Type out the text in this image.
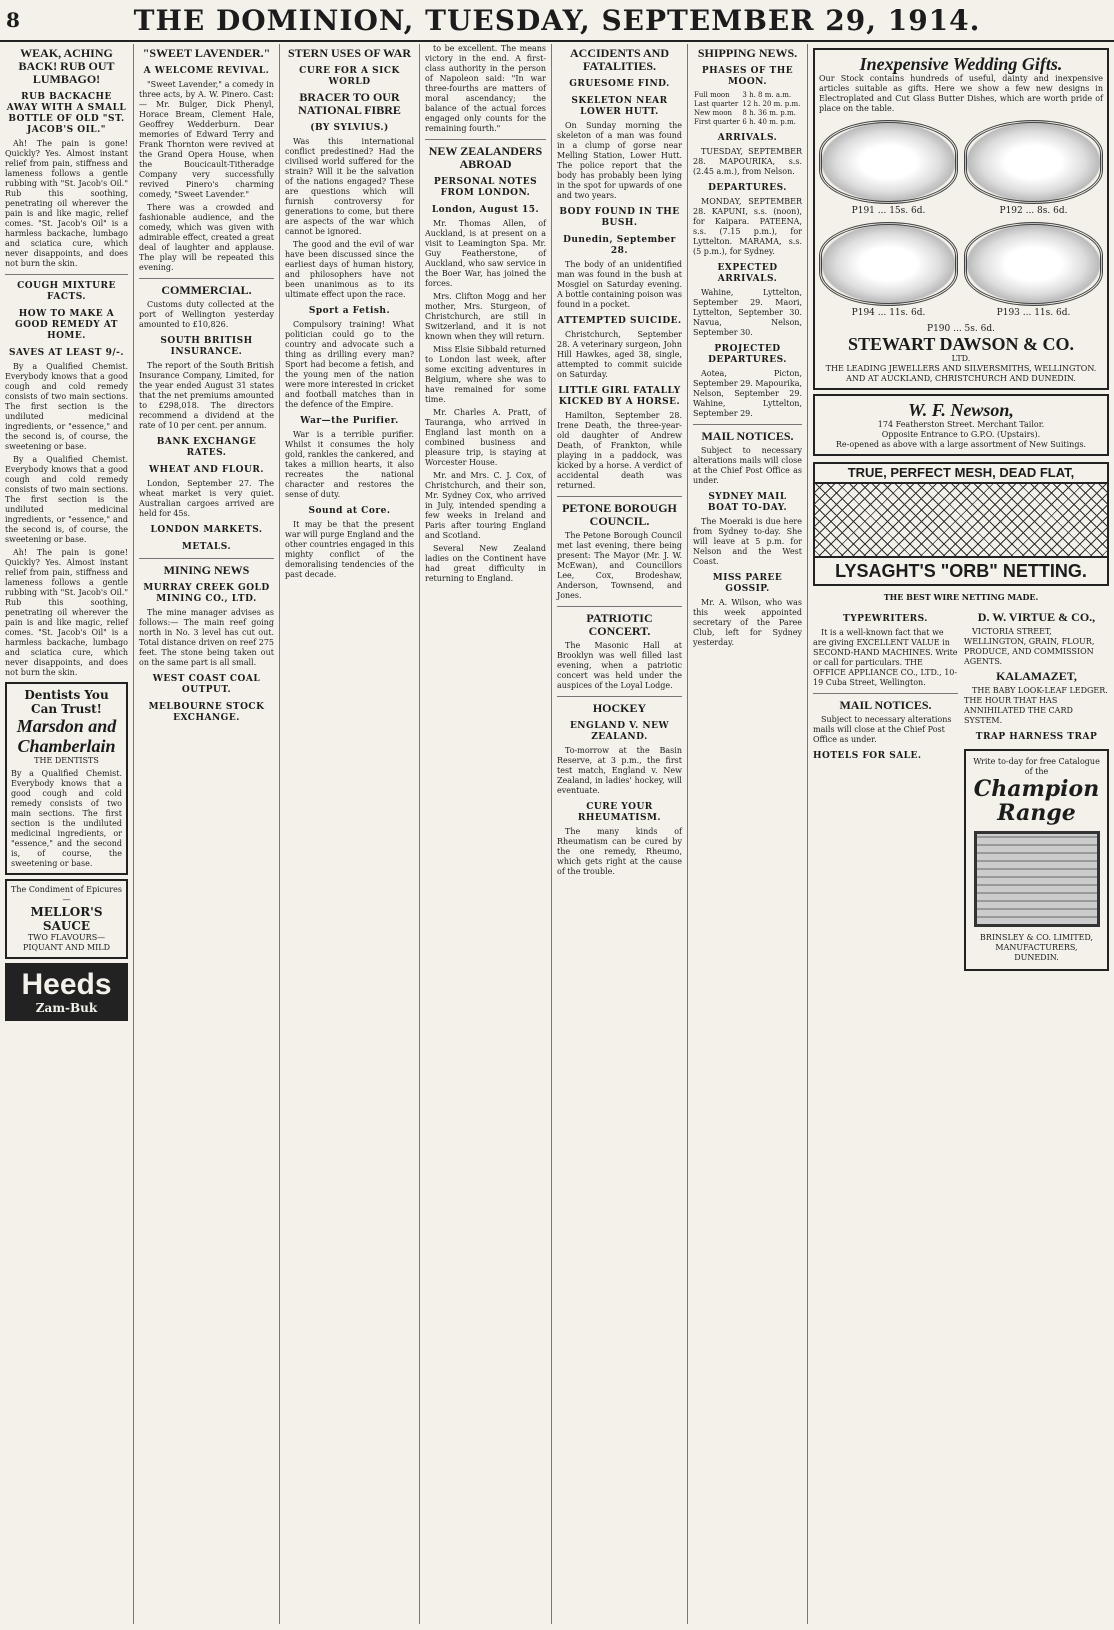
8	THE DOMINION, TUESDAY, SEPTEMBER 29, 1914.
WEAK, ACHING BACK! RUB OUT LUMBAGO!
RUB BACKACHE AWAY WITH A SMALL BOTTLE OF OLD "ST. JACOB'S OIL."

Ah! The pain is gone! Quickly? Yes. Almost instant relief from pain, stiffness and lameness follows a gentle rubbing with "St. Jacob's Oil." Rub this soothing, penetrating oil wherever the pain is and like magic, relief comes. "St. Jacob's Oil" is a harmless backache, lumbago and sciatica cure, which never disappoints, and does not burn the skin.

COUGH MIXTURE FACTS.
HOW TO MAKE A GOOD REMEDY AT HOME.
SAVES AT LEAST 9/-.

By a Qualified Chemist. Everybody knows that a good cough and cold remedy consists of two main sections. The first section is the undiluted medicinal ingredients, or "essence," and the second is, of course, the sweetening or base.

By a Qualified Chemist. Everybody knows that a good cough and cold remedy consists of two main sections. The first section is the undiluted medicinal ingredients, or "essence," and the second is, of course, the sweetening or base.

Ah! The pain is gone! Quickly? Yes. Almost instant relief from pain, stiffness and lameness follows a gentle rubbing with "St. Jacob's Oil." Rub this soothing, penetrating oil wherever the pain is and like magic, relief comes. "St. Jacob's Oil" is a harmless backache, lumbago and sciatica cure, which never disappoints, and does not burn the skin.

Dentists You Can Trust!
Marsdon and Chamberlain
THE DENTISTS
By a Qualified Chemist. Everybody knows that a good cough and cold remedy consists of two main sections. The first section is the undiluted medicinal ingredients, or "essence," and the second is, of course, the sweetening or base.
The Condiment of Epicures—
MELLOR'S SAUCE
TWO FLAVOURS— PIQUANT AND MILD
Heeds
Zam-Buk
"SWEET LAVENDER."
A WELCOME REVIVAL.

"Sweet Lavender," a comedy in three acts, by A. W. Pinero. Cast:— Mr. Bulger, Dick Phenyl, Horace Bream, Clement Hale, Geoffrey Wedderburn. Dear memories of Edward Terry and Frank Thornton were revived at the Grand Opera House, when the Boucicault-Titheradge Company very successfully revived Pinero's charming comedy, "Sweet Lavender."

There was a crowded and fashionable audience, and the comedy, which was given with admirable effect, created a great deal of laughter and applause. The play will be repeated this evening.

COMMERCIAL.

Customs duty collected at the port of Wellington yesterday amounted to £10,826.

SOUTH BRITISH INSURANCE.

The report of the South British Insurance Company, Limited, for the year ended August 31 states that the net premiums amounted to £298,018. The directors recommend a dividend at the rate of 10 per cent. per annum.

BANK EXCHANGE RATES.
WHEAT AND FLOUR.

London, September 27. The wheat market is very quiet. Australian cargoes arrived are held for 45s.

LONDON MARKETS.
METALS.
MINING NEWS
MURRAY CREEK GOLD MINING CO., LTD.

The mine manager advises as follows:— The main reef going north in No. 3 level has cut out. Total distance driven on reef 275 feet. The stone being taken out on the same part is all small.

WEST COAST COAL OUTPUT.
MELBOURNE STOCK EXCHANGE.
STERN USES OF WAR
CURE FOR A SICK WORLD
BRACER TO OUR NATIONAL FIBRE
(BY SYLVIUS.)

Was this international conflict predestined? Had the civilised world suffered for the strain? Will it be the salvation of the nations engaged? These are questions which will furnish controversy for generations to come, but there are aspects of the war which cannot be ignored.

The good and the evil of war have been discussed since the earliest days of human history, and philosophers have not been unanimous as to its ultimate effect upon the race.

Sport a Fetish.

Compulsory training! What politician could go to the country and advocate such a thing as drilling every man? Sport had become a fetish, and the young men of the nation were more interested in cricket and football matches than in the defence of the Empire.

War—the Purifier.

War is a terrible purifier. Whilst it consumes the holy gold, rankles the cankered, and takes a million hearts, it also recreates the national character and restores the sense of duty.

Sound at Core.

It may be that the present war will purge England and the other countries engaged in this mighty conflict of the demoralising tendencies of the past decade.

to be excellent. The means victory in the end. A first-class authority in the person of Napoleon said: "In war three-fourths are matters of moral ascendancy; the balance of the actual forces engaged only counts for the remaining fourth."

NEW ZEALANDERS ABROAD
PERSONAL NOTES FROM LONDON.
London, August 15.

Mr. Thomas Allen, of Auckland, is at present on a visit to Leamington Spa. Mr. Guy Featherstone, of Auckland, who saw service in the Boer War, has joined the forces.

Mrs. Clifton Mogg and her mother, Mrs. Sturgeon, of Christchurch, are still in Switzerland, and it is not known when they will return.

Miss Elsie Sibbald returned to London last week, after some exciting adventures in Belgium, where she was to have remained for some time.

Mr. Charles A. Pratt, of Tauranga, who arrived in England last month on a combined business and pleasure trip, is staying at Worcester House.

Mr. and Mrs. C. J. Cox, of Christchurch, and their son, Mr. Sydney Cox, who arrived in July, intended spending a few weeks in Ireland and Paris after touring England and Scotland.

Several New Zealand ladies on the Continent have had great difficulty in returning to England.

ACCIDENTS AND FATALITIES.
GRUESOME FIND.
SKELETON NEAR LOWER HUTT.

On Sunday morning the skeleton of a man was found in a clump of gorse near Melling Station, Lower Hutt. The police report that the body has probably been lying in the spot for upwards of one and two years.

BODY FOUND IN THE BUSH.
Dunedin, September 28.

The body of an unidentified man was found in the bush at Mosgiel on Saturday evening. A bottle containing poison was found in a pocket.

ATTEMPTED SUICIDE.

Christchurch, September 28. A veterinary surgeon, John Hill Hawkes, aged 38, single, attempted to commit suicide on Saturday.

LITTLE GIRL FATALLY KICKED BY A HORSE.

Hamilton, September 28. Irene Death, the three-year-old daughter of Andrew Death, of Frankton, while playing in a paddock, was kicked by a horse. A verdict of accidental death was returned.

PETONE BOROUGH COUNCIL.

The Petone Borough Council met last evening, there being present: The Mayor (Mr. J. W. McEwan), and Councillors Lee, Cox, Brodeshaw, Anderson, Townsend, and Jones.

PATRIOTIC CONCERT.

The Masonic Hall at Brooklyn was well filled last evening, when a patriotic concert was held under the auspices of the Loyal Lodge.

HOCKEY
ENGLAND V. NEW ZEALAND.

To-morrow at the Basin Reserve, at 3 p.m., the first test match, England v. New Zealand, in ladies' hockey, will eventuate.

CURE YOUR RHEUMATISM.

The many kinds of Rheumatism can be cured by the one remedy, Rheumo, which gets right at the cause of the trouble.

SHIPPING NEWS.
PHASES OF THE MOON.
Full moon	3 h. 8 m. a.m.
Last quarter	12 h. 20 m. p.m.
New moon	8 h. 36 m. p.m.
First quarter	6 h. 40 m. p.m.
ARRIVALS.

TUESDAY, SEPTEMBER 28. MAPOURIKA, s.s. (2.45 a.m.), from Nelson.

DEPARTURES.

MONDAY, SEPTEMBER 28. KAPUNI, s.s. (noon), for Kaipara. PATEENA, s.s. (7.15 p.m.), for Lyttelton. MARAMA, s.s. (5 p.m.), for Sydney.

EXPECTED ARRIVALS.

Wahine, Lyttelton, September 29. Maori, Lyttelton, September 30. Navua, Nelson, September 30.

PROJECTED DEPARTURES.

Aotea, Picton, September 29. Mapourika, Nelson, September 29. Wahine, Lyttelton, September 29.

MAIL NOTICES.

Subject to necessary alterations mails will close at the Chief Post Office as under.

SYDNEY MAIL BOAT TO-DAY.

The Moeraki is due here from Sydney to-day. She will leave at 5 p.m. for Nelson and the West Coast.

MISS PAREE GOSSIP.

Mr. A. Wilson, who was this week appointed secretary of the Paree Club, left for Sydney yesterday.

Inexpensive Wedding Gifts.
Our Stock contains hundreds of useful, dainty and inexpensive articles suitable as gifts. Here we show a few new designs in Electroplated and Cut Glass Butter Dishes, which are worth pride of place on the table.
P191 ... 15s. 6d.	P192 ... 8s. 6d.
P194 ... 11s. 6d.	P193 ... 11s. 6d.
P190 ... 5s. 6d.
STEWART DAWSON & CO.
LTD.
THE LEADING JEWELLERS AND SILVERSMITHS, WELLINGTON.
AND AT AUCKLAND, CHRISTCHURCH AND DUNEDIN.
W. F. Newson,
174 Featherston Street. Merchant Tailor.
Opposite Entrance to G.P.O. (Upstairs).
Re-opened as above with a large assortment of New Suitings.
TRUE, PERFECT MESH, DEAD FLAT,
LYSAGHT'S "ORB" NETTING.
THE BEST WIRE NETTING MADE.
TYPEWRITERS.

It is a well-known fact that we are giving EXCELLENT VALUE in SECOND-HAND MACHINES. Write or call for particulars. THE OFFICE APPLIANCE CO., LTD., 10-19 Cuba Street, Wellington.

MAIL NOTICES.

Subject to necessary alterations mails will close at the Chief Post Office as under.

HOTELS FOR SALE.
D. W. VIRTUE & CO.,

VICTORIA STREET, WELLINGTON, GRAIN, FLOUR, PRODUCE, AND COMMISSION AGENTS.

KALAMAZET,

THE BABY LOOK-LEAF LEDGER. THE HOUR THAT HAS ANNIHILATED THE CARD SYSTEM.

TRAP HARNESS TRAP
Write to-day for free Catalogue of the
Champion Range
BRINSLEY & CO. LIMITED, MANUFACTURERS, DUNEDIN.
